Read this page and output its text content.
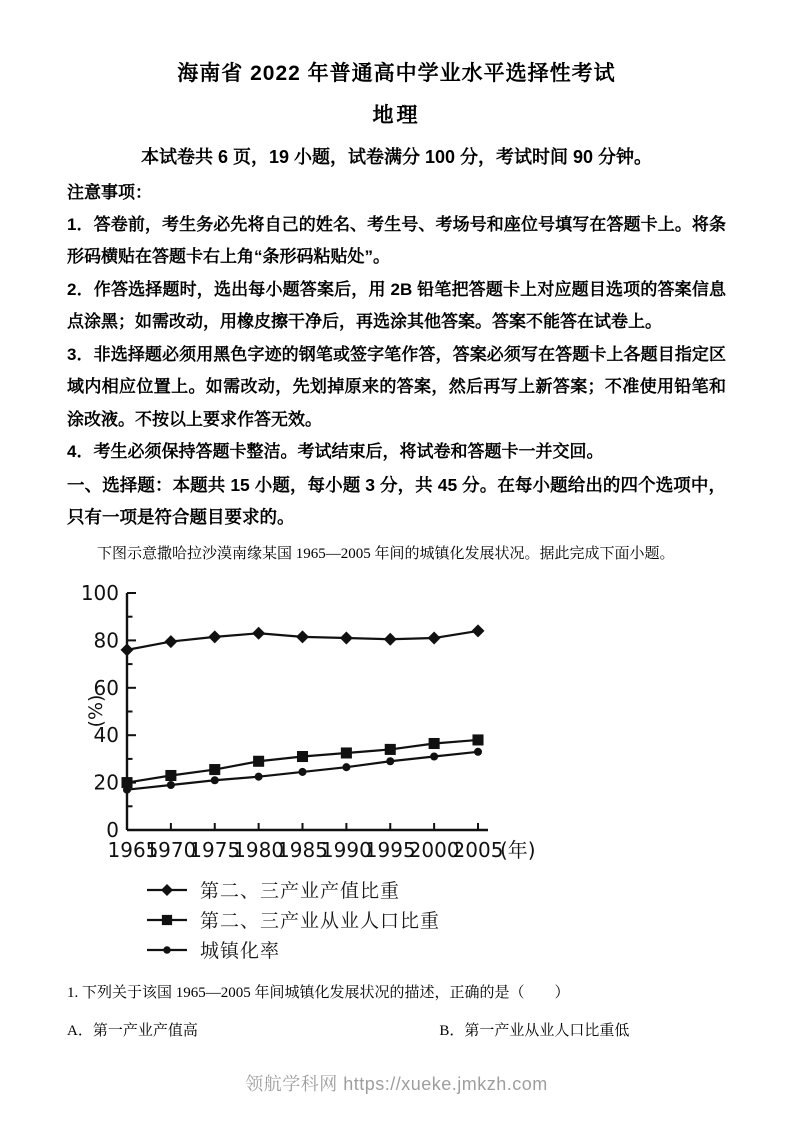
海南省 2022 年普通高中学业水平选择性考试
地理

本试卷共 6 页，19 小题，试卷满分 100 分，考试时间 90 分钟。

注意事项：

1．答卷前，考生务必先将自己的姓名、考生号、考场号和座位号填写在答题卡上。将条形码横贴在答题卡右上角“条形码粘贴处”。

2．作答选择题时，选出每小题答案后，用 2B 铅笔把答题卡上对应题目选项的答案信息点涂黑；如需改动，用橡皮擦干净后，再选涂其他答案。答案不能答在试卷上。

3．非选择题必须用黑色字迹的钢笔或签字笔作答，答案必须写在答题卡上各题目指定区域内相应位置上。如需改动，先划掉原来的答案，然后再写上新答案；不准使用铅笔和涂改液。不按以上要求作答无效。

4．考生必须保持答题卡整洁。考试结束后，将试卷和答题卡一并交回。

一、选择题：本题共 15 小题，每小题 3 分，共 45 分。在每小题给出的四个选项中，只有一项是符合题目要求的。

下图示意撒哈拉沙漠南缘某国 1965—2005 年间的城镇化发展状况。据此完成下面小题。

0
20
40
60
80
100
(%)
1965
1970
1975
1980
1985
1990
1995
2000
2005
(年)
第二、三产业产值比重
第二、三产业从业人口比重
城镇化率

1. 下列关于该国 1965—2005 年间城镇化发展状况的描述，正确的是（　　）

A．第一产业产值高	B．第一产业从业人口比重低
领航学科网 https://xueke.jmkzh.com
